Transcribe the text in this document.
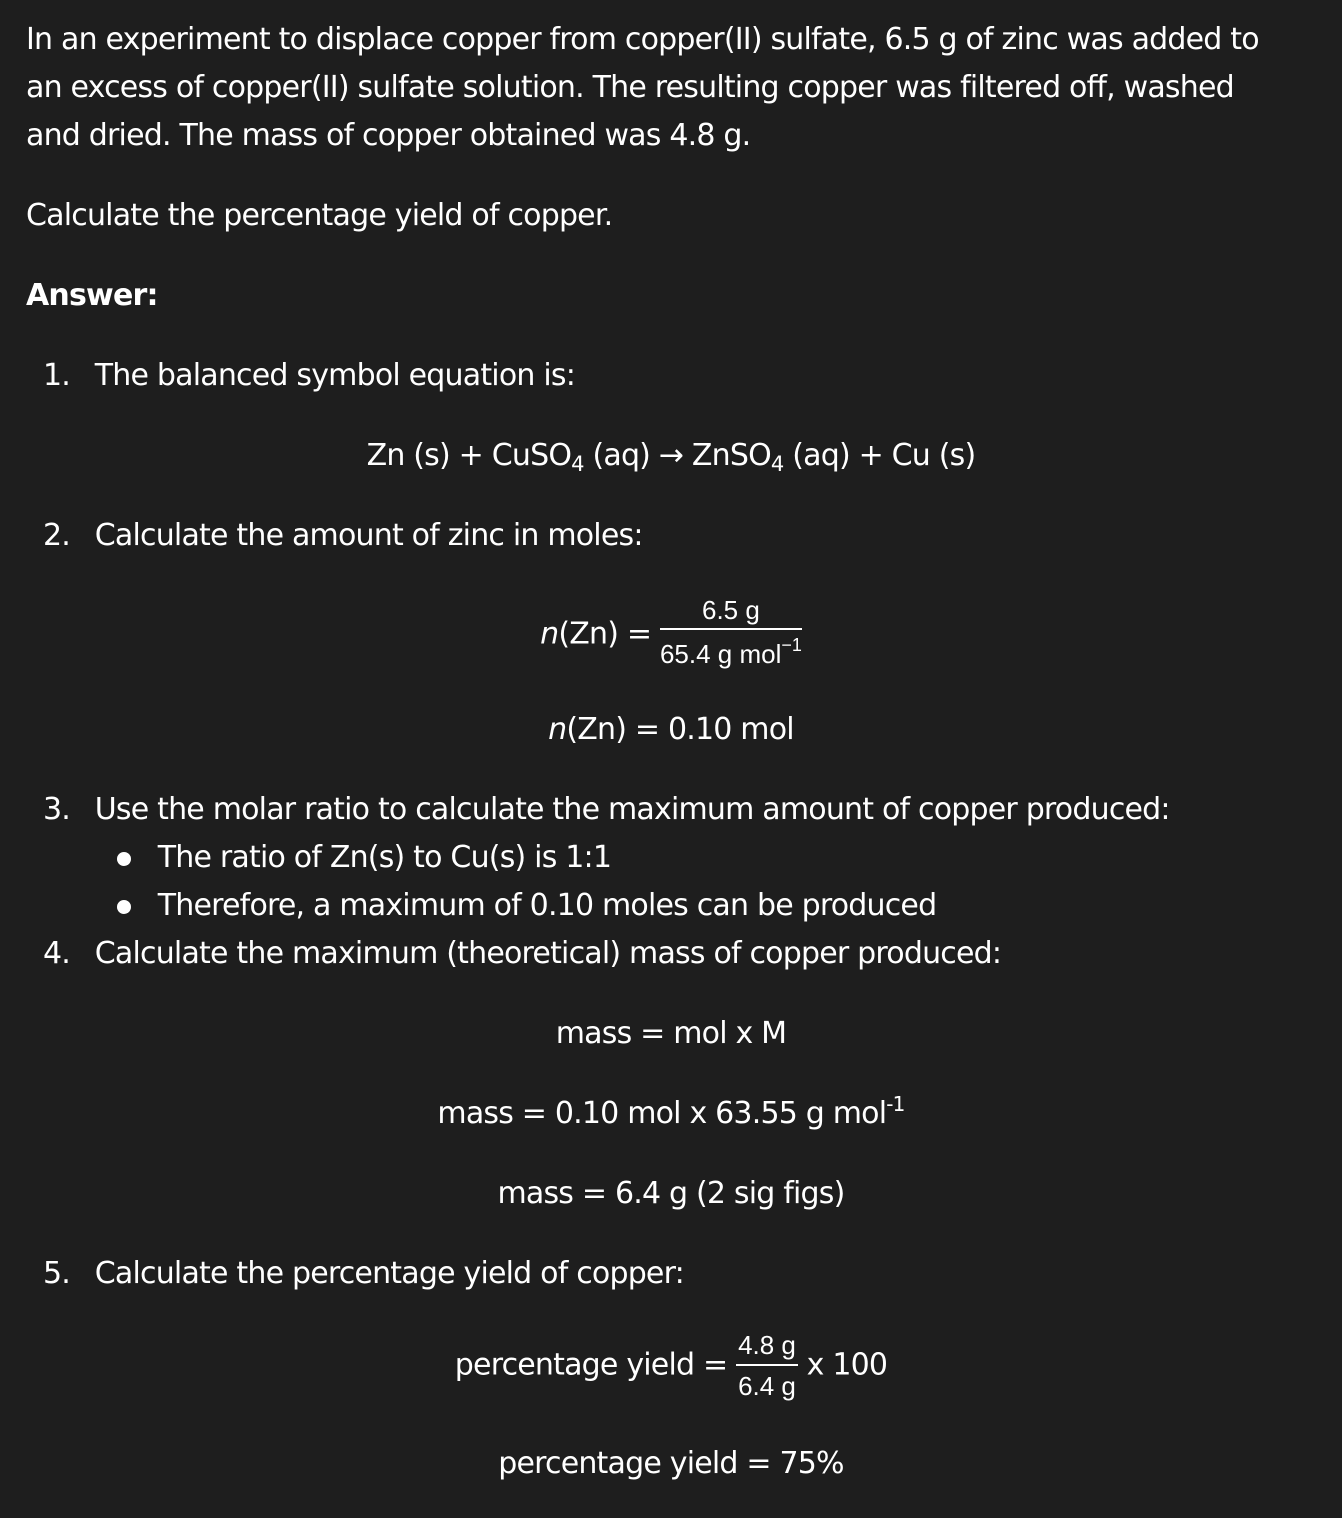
In an experiment to displace copper from copper(II) sulfate, 6.5 g of zinc was added to
an excess of copper(II) sulfate solution. The resulting copper was filtered off, washed
and dried. The mass of copper obtained was 4.8 g.
Calculate the percentage yield of copper.
Answer:
1. The balanced symbol equation is:
Zn (s) + CuSO$_4$ (aq) → ZnSO$_4$ (aq) + Cu (s)
2. Calculate the amount of zinc in moles:
$n(Zn) = \frac{6.5 g}{65.4 g mol^{-1}}$
n(Zn) = 0.10 mol
3. Use the molar ratio to calculate the maximum amount of copper produced:
The ratio of Zn(s) to Cu(s) is 1:1
Therefore, a maximum of 0.10 moles can be produced
4. Calculate the maximum (theoretical) mass of copper produced:
mass = mol x M
mass = 0.10 mol x 63.55 g mol$^{-1}$
mass = 6.4 g (2 sig figs)
5. Calculate the percentage yield of copper:
percentage yield = $\frac{4.8 g}{6.4 g}$ x 100
percentage yield = 75%
